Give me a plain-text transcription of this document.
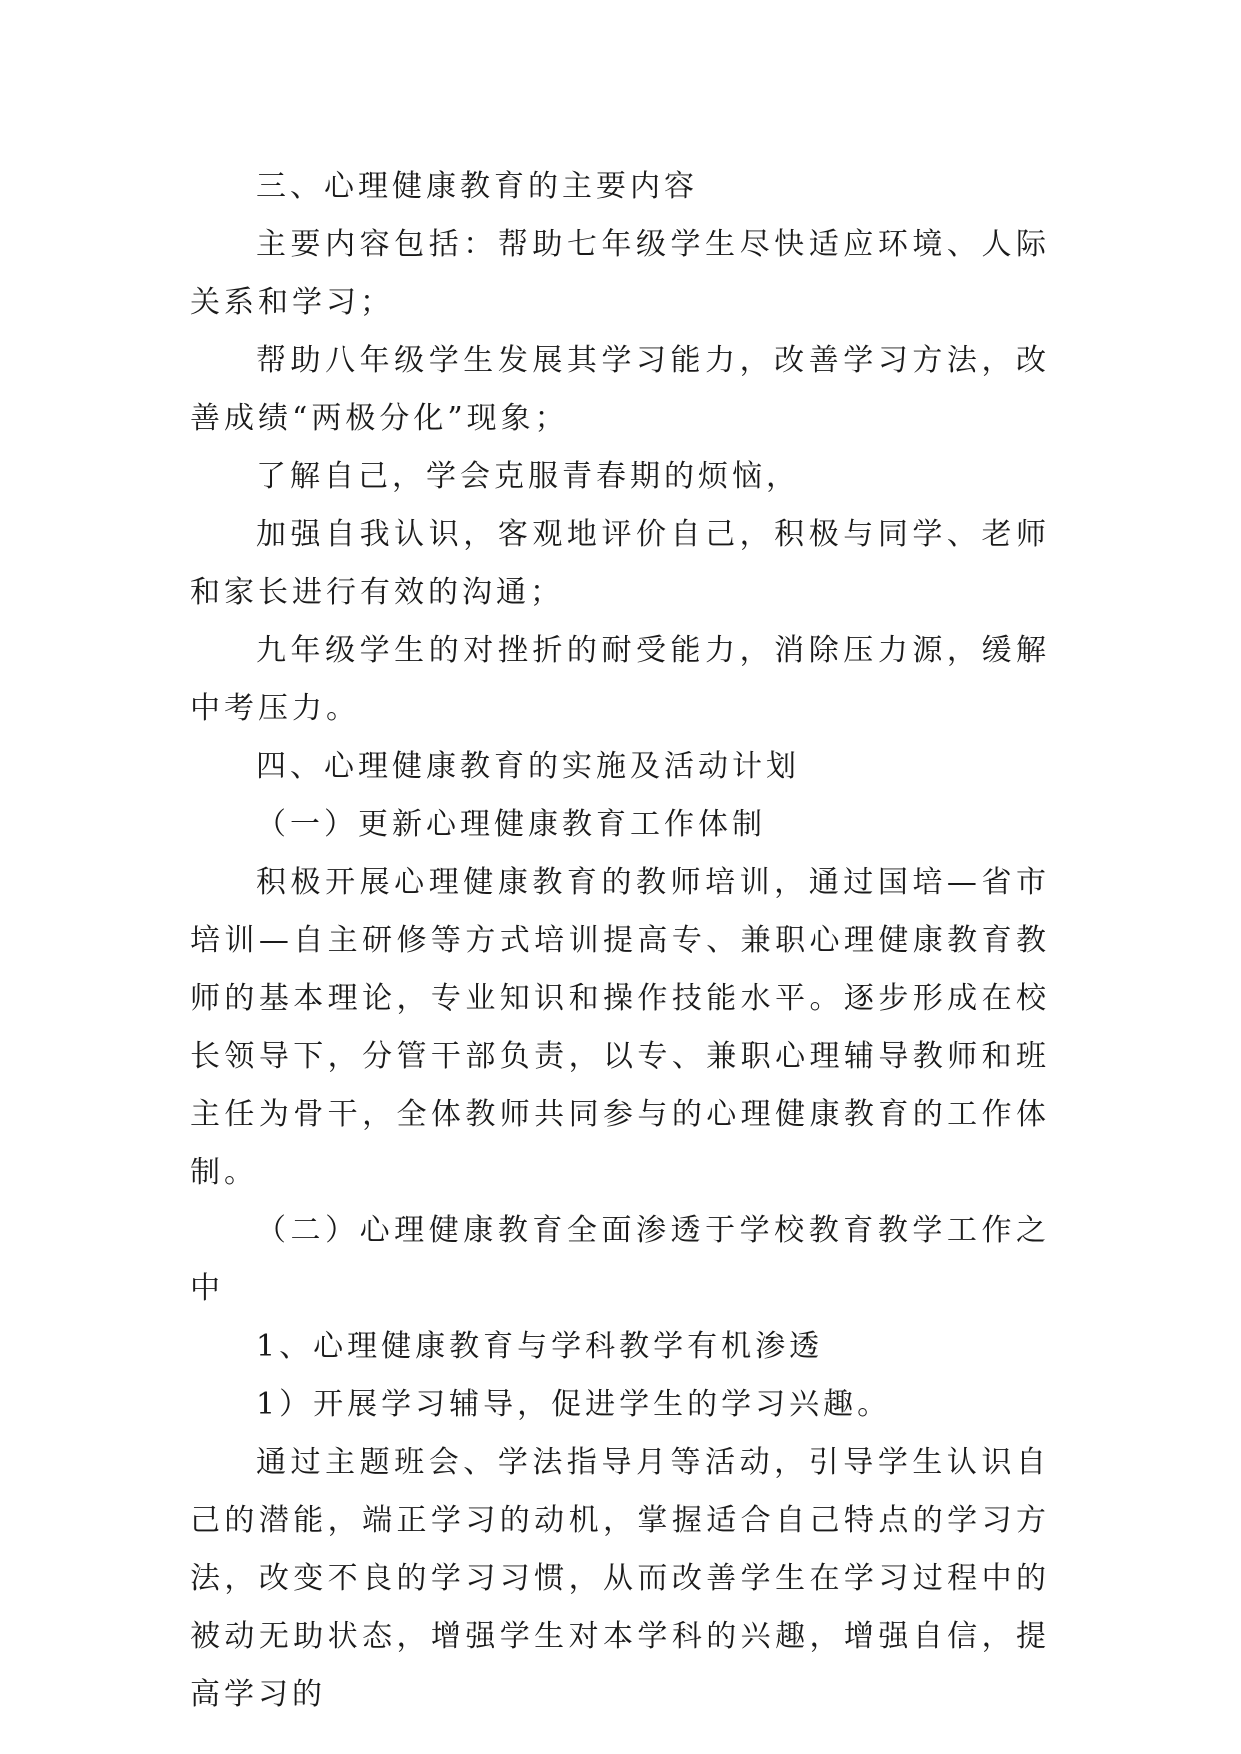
三、心理健康教育的主要内容

主要内容包括：帮助七年级学生尽快适应环境、人际关系和学习；

帮助八年级学生发展其学习能力，改善学习方法，改善成绩“两极分化”现象；

了解自己，学会克服青春期的烦恼，

加强自我认识，客观地评价自己，积极与同学、老师和家长进行有效的沟通；

九年级学生的对挫折的耐受能力，消除压力源，缓解中考压力。

四、心理健康教育的实施及活动计划

（一）更新心理健康教育工作体制

积极开展心理健康教育的教师培训，通过国培—省市培训—自主研修等方式培训提高专、兼职心理健康教育教师的基本理论，专业知识和操作技能水平。逐步形成在校长领导下，分管干部负责，以专、兼职心理辅导教师和班主任为骨干，全体教师共同参与的心理健康教育的工作体制。

（二）心理健康教育全面渗透于学校教育教学工作之中

1、心理健康教育与学科教学有机渗透

1）开展学习辅导，促进学生的学习兴趣。

通过主题班会、学法指导月等活动，引导学生认识自己的潜能，端正学习的动机，掌握适合自己特点的学习方法，改变不良的学习习惯，从而改善学生在学习过程中的被动无助状态，增强学生对本学科的兴趣，增强自信，提高学习的
